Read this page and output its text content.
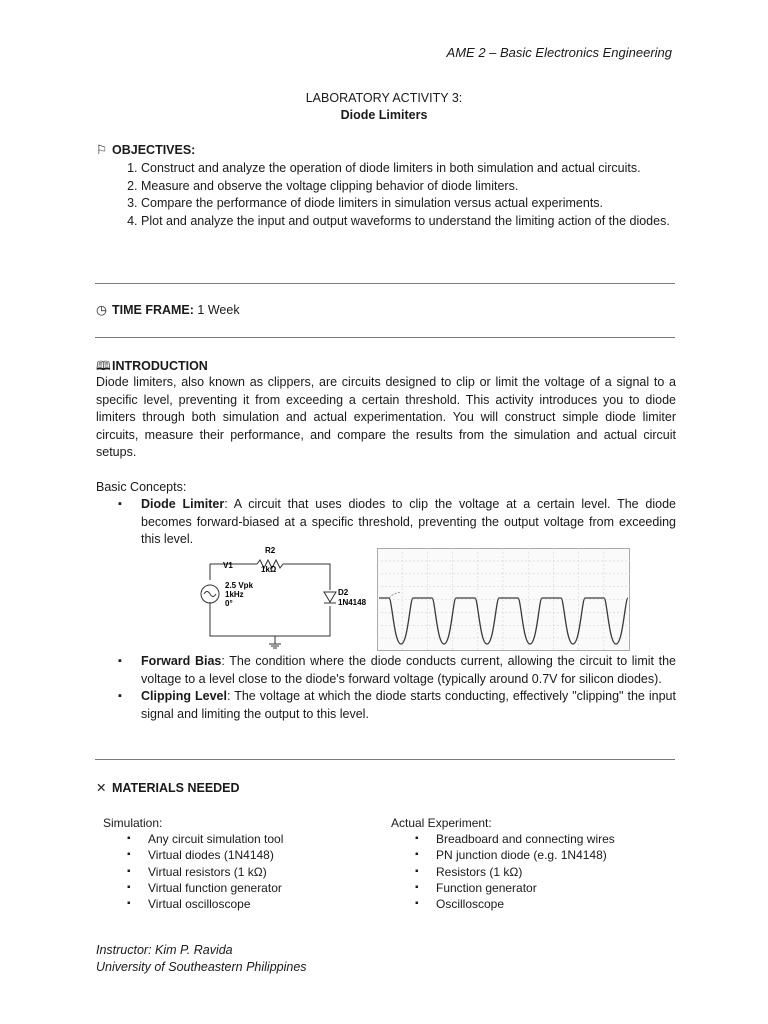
AME 2 – Basic Electronics Engineering
LABORATORY ACTIVITY 3:
Diode Limiters
⚐ OBJECTIVES:
1. Construct and analyze the operation of diode limiters in both simulation and actual circuits.
2. Measure and observe the voltage clipping behavior of diode limiters.
3. Compare the performance of diode limiters in simulation versus actual experiments.
4. Plot and analyze the input and output waveforms to understand the limiting action of the diodes.
◷ TIME FRAME: 1 Week
🕮INTRODUCTION
Diode limiters, also known as clippers, are circuits designed to clip or limit the voltage of a signal to a specific level, preventing it from exceeding a certain threshold. This activity introduces you to diode limiters through both simulation and actual experimentation. You will construct simple diode limiter circuits, measure their performance, and compare the results from the simulation and actual circuit setups.
Basic Concepts:
▪ Diode Limiter: A circuit that uses diodes to clip the voltage at a certain level. The diode becomes forward-biased at a specific threshold, preventing the output voltage from exceeding this level.
R2
1kΩ
V1
2.5 Vpk
1kHz
0°
D2
1N4148
▪ Forward Bias: The condition where the diode conducts current, allowing the circuit to limit the voltage to a level close to the diode's forward voltage (typically around 0.7V for silicon diodes).
▪ Clipping Level: The voltage at which the diode starts conducting, effectively "clipping" the input signal and limiting the output to this level.
✕ MATERIALS NEEDED
Simulation:
▪ Any circuit simulation tool
▪ Virtual diodes (1N4148)
▪ Virtual resistors (1 kΩ)
▪ Virtual function generator
▪ Virtual oscilloscope
Actual Experiment:
▪ Breadboard and connecting wires
▪ PN junction diode (e.g. 1N4148)
▪ Resistors (1 kΩ)
▪ Function generator
▪ Oscilloscope
Instructor: Kim P. Ravida
University of Southeastern Philippines
